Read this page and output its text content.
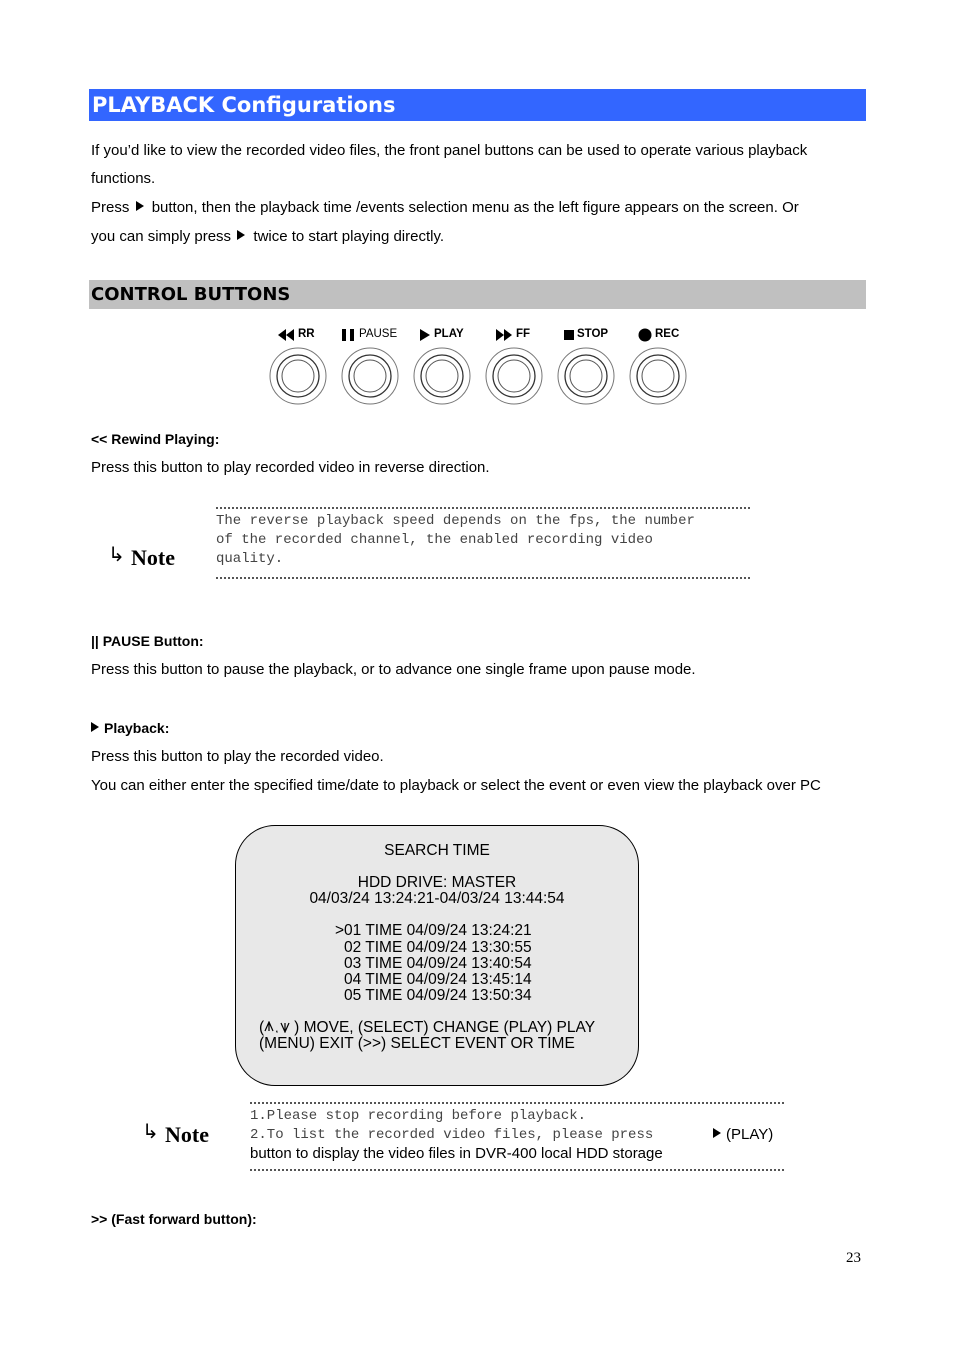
PLAYBACK Configurations
If you’d like to view the recorded video files, the front panel buttons can be used to operate various playback
functions.
Press button, then the playback time /events selection menu as the left figure appears on the screen. Or
you can simply press twice to start playing directly.
CONTROL BUTTONS
RR	PAUSE	PLAY	FF	STOP	REC
<< Rewind Playing:
Press this button to play recorded video in reverse direction.
↳ Note
The reverse playback speed depends on the fps, the number
of the recorded channel, the enabled recording video
quality.
|| PAUSE Button:
Press this button to pause the playback, or to advance one single frame upon pause mode.
Playback:
Press this button to play the recorded video.
You can either enter the specified time/date to playback or select the event or even view the playback over PC
SEARCH TIME
HDD DRIVE: MASTER
04/03/24 13:24:21-04/03/24 13:44:54
>01 TIME 04/09/24 13:24:21
02 TIME 04/09/24 13:30:55
03 TIME 04/09/24 13:40:54
04 TIME 04/09/24 13:45:14
05 TIME 04/09/24 13:50:34
( , ) MOVE, (SELECT) CHANGE (PLAY) PLAY
(MENU) EXIT (>>) SELECT EVENT OR TIME
↳ Note
1.Please stop recording before playback.
2.To list the recorded video files, please press	(PLAY)
button to display the video files in DVR-400 local HDD storage
>> (Fast forward button):
23
